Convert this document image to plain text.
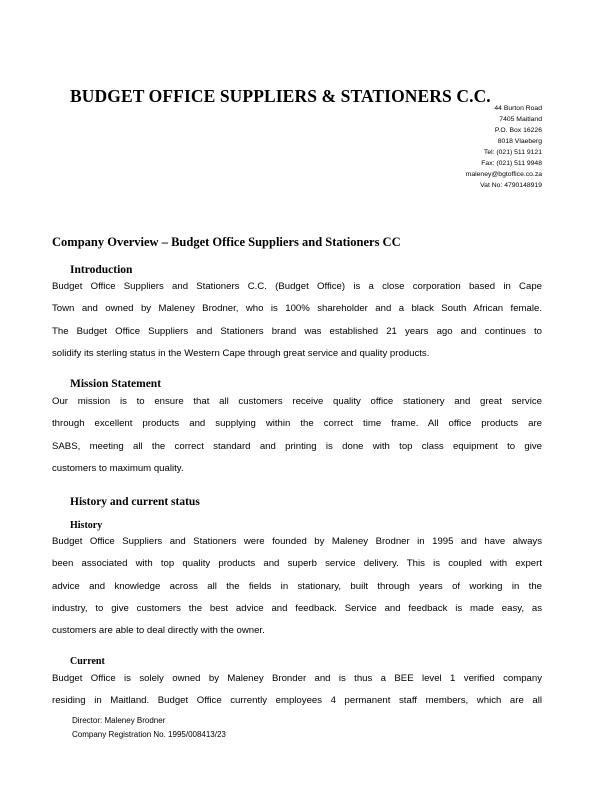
BUDGET OFFICE SUPPLIERS & STATIONERS C.C.
44 Burton Road
7405 Maitland
P.O. Box 16226
8018 Vlaeberg
Tel: (021) 511 9121
Fax: (021) 511 9948
maleney@bgtoffice.co.za
Vat No: 4790148919
Company Overview – Budget Office Suppliers and Stationers CC
Introduction
Budget Office Suppliers and Stationers C.C. (Budget Office) is a close corporation based in Cape
Town and owned by Maleney Brodner, who is 100% shareholder and a black South African female.
The Budget Office Suppliers and Stationers brand was established 21 years ago and continues to
solidify its sterling status in the Western Cape through great service and quality products.
Mission Statement
Our mission is to ensure that all customers receive quality office stationery and great service
through excellent products and supplying within the correct time frame. All office products are
SABS, meeting all the correct standard and printing is done with top class equipment to give
customers to maximum quality.
History and current status
History
Budget Office Suppliers and Stationers were founded by Maleney Brodner in 1995 and have always
been associated with top quality products and superb service delivery. This is coupled with expert
advice and knowledge across all the fields in stationary, built through years of working in the
industry, to give customers the best advice and feedback. Service and feedback is made easy, as
customers are able to deal directly with the owner.
Current
Budget Office is solely owned by Maleney Bronder and is thus a BEE level 1 verified company
residing in Maitland. Budget Office currently employees 4 permanent staff members, which are all
Director: Maleney Brodner
Company Registration No. 1995/008413/23
